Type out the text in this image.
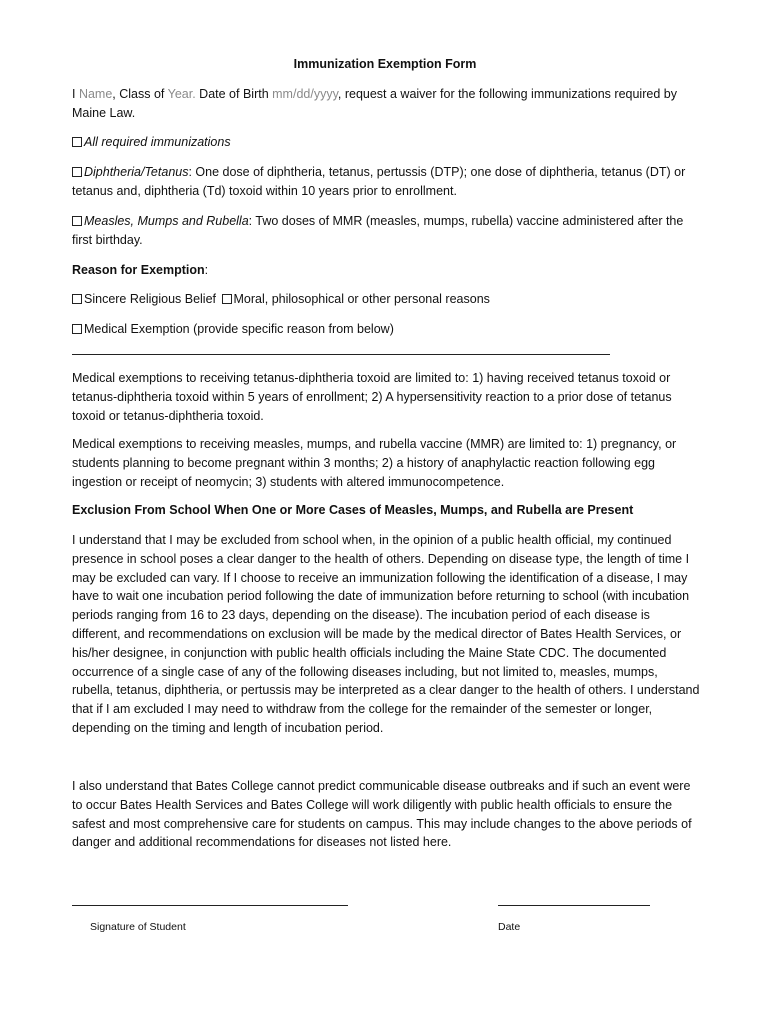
Immunization Exemption Form

I Name, Class of Year. Date of Birth mm/dd/yyyy, request a waiver for the following immunizations required by Maine Law.

All required immunizations

Diphtheria/Tetanus: One dose of diphtheria, tetanus, pertussis (DTP); one dose of diphtheria, tetanus (DT) or tetanus and, diphtheria (Td) toxoid within 10 years prior to enrollment.

Measles, Mumps and Rubella: Two doses of MMR (measles, mumps, rubella) vaccine administered after the first birthday.

Reason for Exemption:

Sincere Religious Belief Moral, philosophical or other personal reasons

Medical Exemption (provide specific reason from below)

Medical exemptions to receiving tetanus-diphtheria toxoid are limited to: 1) having received tetanus toxoid or tetanus-diphtheria toxoid within 5 years of enrollment; 2) A hypersensitivity reaction to a prior dose of tetanus toxoid or tetanus-diphtheria toxoid.

Medical exemptions to receiving measles, mumps, and rubella vaccine (MMR) are limited to: 1) pregnancy, or students planning to become pregnant within 3 months; 2) a history of anaphylactic reaction following egg ingestion or receipt of neomycin; 3) students with altered immunocompetence.

Exclusion From School When One or More Cases of Measles, Mumps, and Rubella are Present

I understand that I may be excluded from school when, in the opinion of a public health official, my continued presence in school poses a clear danger to the health of others. Depending on disease type, the length of time I may be excluded can vary. If I choose to receive an immunization following the identification of a disease, I may have to wait one incubation period following the date of immunization before returning to school (with incubation periods ranging from 16 to 23 days, depending on the disease). The incubation period of each disease is different, and recommendations on exclusion will be made by the medical director of Bates Health Services, or his/her designee, in conjunction with public health officials including the Maine State CDC. The documented occurrence of a single case of any of the following diseases including, but not limited to, measles, mumps, rubella, tetanus, diphtheria, or pertussis may be interpreted as a clear danger to the health of others. I understand that if I am excluded I may need to withdraw from the college for the remainder of the semester or longer, depending on the timing and length of incubation period.

I also understand that Bates College cannot predict communicable disease outbreaks and if such an event were to occur Bates Health Services and Bates College will work diligently with public health officials to ensure the safest and most comprehensive care for students on campus. This may include changes to the above periods of danger and additional recommendations for diseases not listed here.

Signature of Student	Date
